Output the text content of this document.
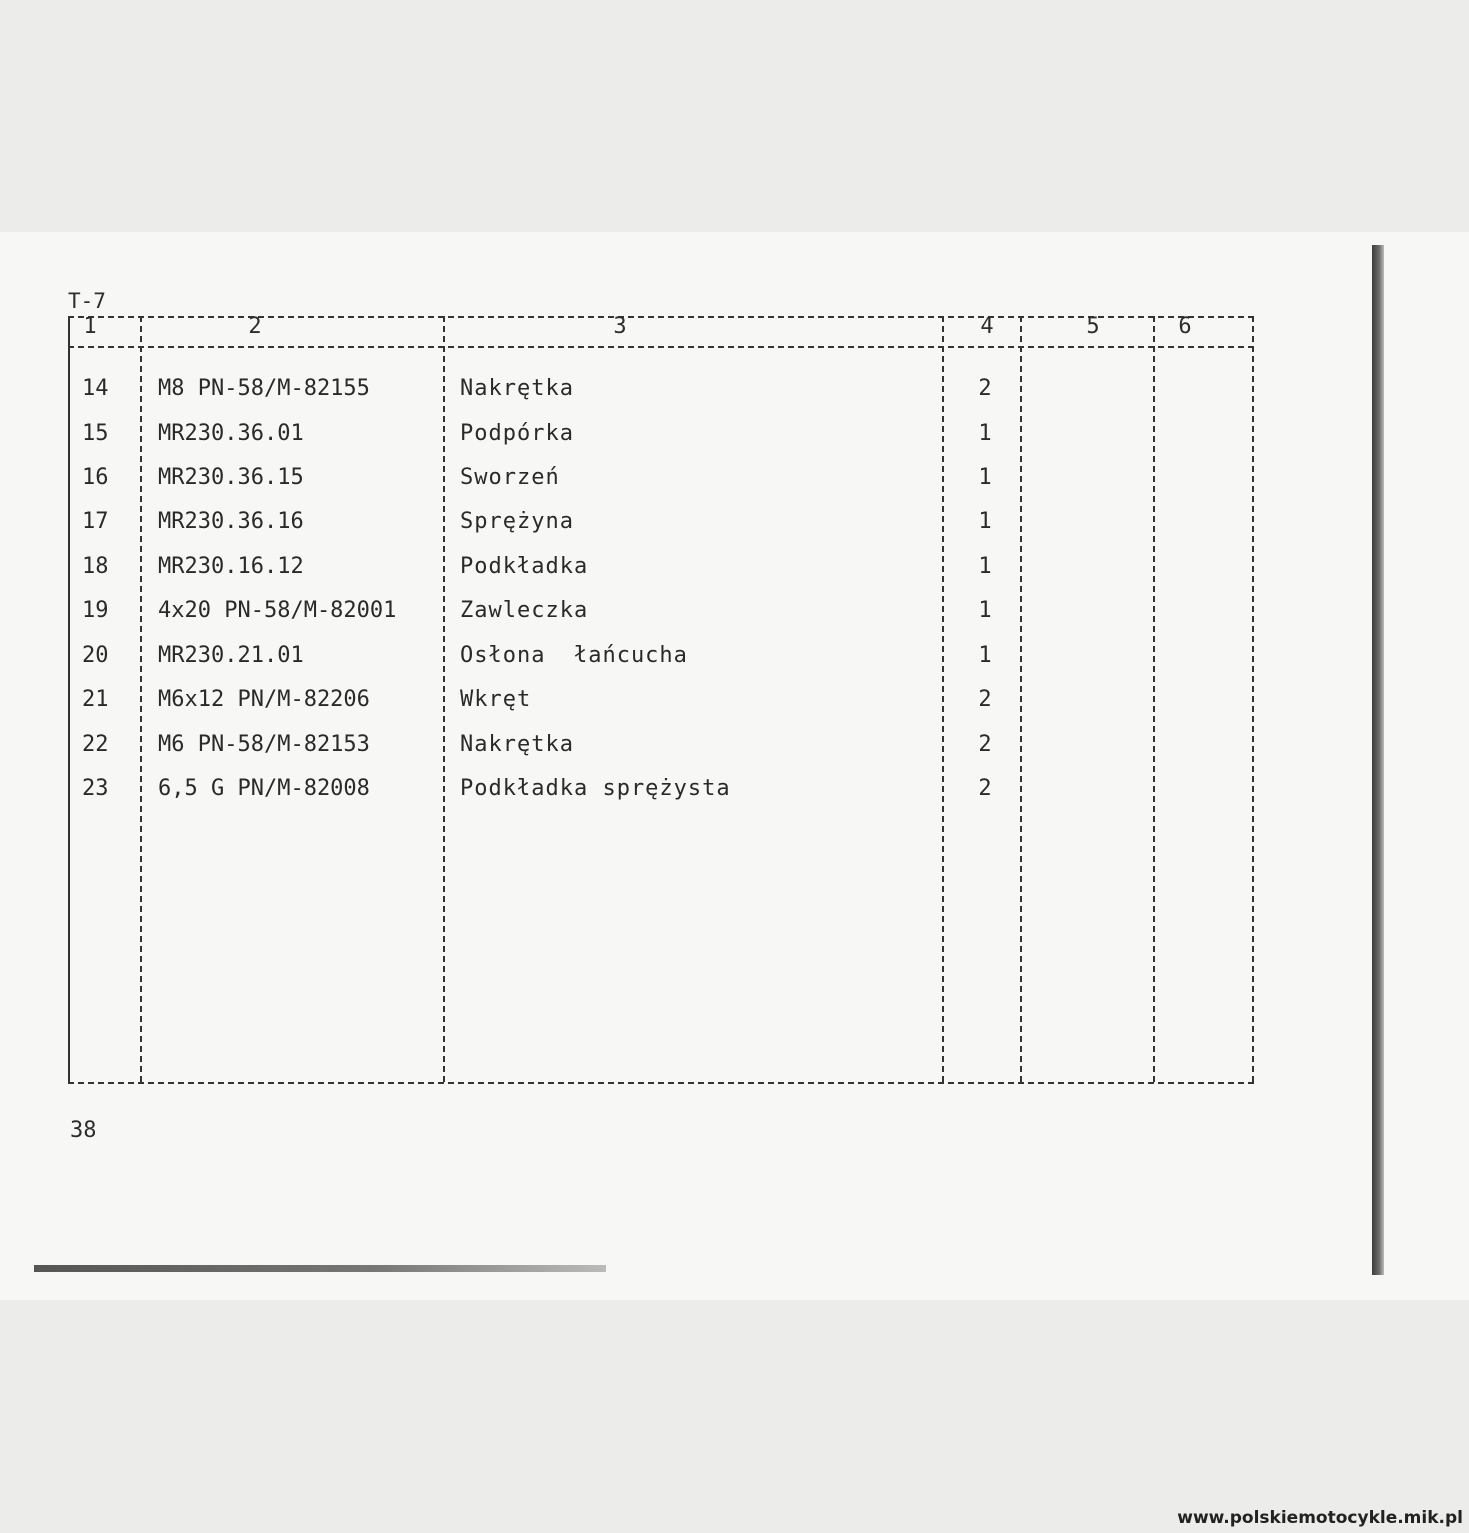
T-7
1	2	3	4	5	6
14 M8 PN-58/M-82155	Nakrętka	2
15 MR230.36.01	Podpórka	1
16 MR230.36.15	Sworzeń	1
17 MR230.36.16	Sprężyna	1
18 MR230.16.12	Podkładka	1
19 4x20 PN-58/M-82001	Zawleczka	1
20 MR230.21.01	Osłona  łańcucha	1
21 M6x12 PN/M-82206	Wkręt	2
22 M6 PN-58/M-82153	Nakrętka	2
23 6,5 G PN/M-82008	Podkładka sprężysta	2
38
www.polskiemotocykle.mik.pl
